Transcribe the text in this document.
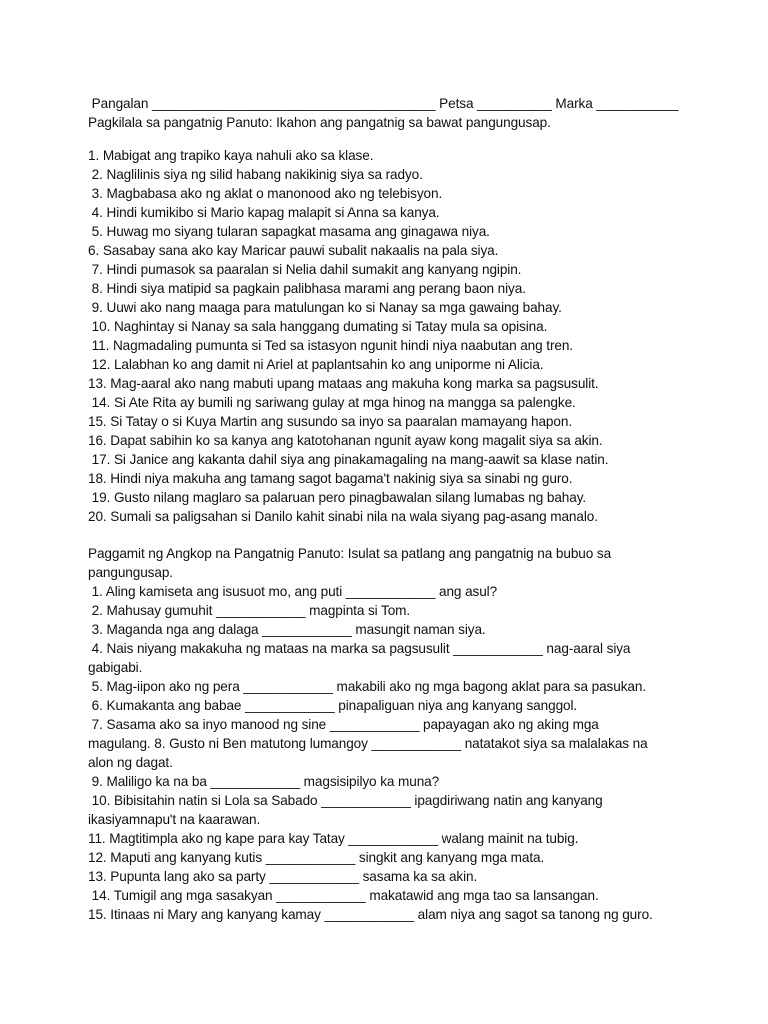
Pangalan ______________________________________ Petsa __________ Marka ___________
Pagkilala sa pangatnig Panuto: Ikahon ang pangatnig sa bawat pangungusap.
1. Mabigat ang trapiko kaya nahuli ako sa klase.
2. Naglilinis siya ng silid habang nakikinig siya sa radyo.
3. Magbabasa ako ng aklat o manonood ako ng telebisyon.
4. Hindi kumikibo si Mario kapag malapit si Anna sa kanya.
5. Huwag mo siyang tularan sapagkat masama ang ginagawa niya.
6. Sasabay sana ako kay Maricar pauwi subalit nakaalis na pala siya.
7. Hindi pumasok sa paaralan si Nelia dahil sumakit ang kanyang ngipin.
8. Hindi siya matipid sa pagkain palibhasa marami ang perang baon niya.
9. Uuwi ako nang maaga para matulungan ko si Nanay sa mga gawaing bahay.
10. Naghintay si Nanay sa sala hanggang dumating si Tatay mula sa opisina.
11. Nagmadaling pumunta si Ted sa istasyon ngunit hindi niya naabutan ang tren.
12. Lalabhan ko ang damit ni Ariel at paplantsahin ko ang uniporme ni Alicia.
13. Mag-aaral ako nang mabuti upang mataas ang makuha kong marka sa pagsusulit.
14. Si Ate Rita ay bumili ng sariwang gulay at mga hinog na mangga sa palengke.
15. Si Tatay o si Kuya Martin ang susundo sa inyo sa paaralan mamayang hapon.
16. Dapat sabihin ko sa kanya ang katotohanan ngunit ayaw kong magalit siya sa akin.
17. Si Janice ang kakanta dahil siya ang pinakamagaling na mang-aawit sa klase natin.
18. Hindi niya makuha ang tamang sagot bagama't nakinig siya sa sinabi ng guro.
19. Gusto nilang maglaro sa palaruan pero pinagbawalan silang lumabas ng bahay.
20. Sumali sa paligsahan si Danilo kahit sinabi nila na wala siyang pag-asang manalo.
Paggamit ng Angkop na Pangatnig Panuto: Isulat sa patlang ang pangatnig na bubuo sa
pangungusap.
1. Aling kamiseta ang isusuot mo, ang puti ____________ ang asul?
2. Mahusay gumuhit ____________ magpinta si Tom.
3. Maganda nga ang dalaga ____________ masungit naman siya.
4. Nais niyang makakuha ng mataas na marka sa pagsusulit ____________ nag-aaral siya
gabigabi.
5. Mag-iipon ako ng pera ____________ makabili ako ng mga bagong aklat para sa pasukan.
6. Kumakanta ang babae ____________ pinapaliguan niya ang kanyang sanggol.
7. Sasama ako sa inyo manood ng sine ____________ papayagan ako ng aking mga
magulang. 8. Gusto ni Ben matutong lumangoy ____________ natatakot siya sa malalakas na
alon ng dagat.
9. Maliligo ka na ba ____________ magsisipilyo ka muna?
10. Bibisitahin natin si Lola sa Sabado ____________ ipagdiriwang natin ang kanyang
ikasiyamnapu't na kaarawan.
11. Magtitimpla ako ng kape para kay Tatay ____________ walang mainit na tubig.
12. Maputi ang kanyang kutis ____________ singkit ang kanyang mga mata.
13. Pupunta lang ako sa party ____________ sasama ka sa akin.
14. Tumigil ang mga sasakyan ____________ makatawid ang mga tao sa lansangan.
15. Itinaas ni Mary ang kanyang kamay ____________ alam niya ang sagot sa tanong ng guro.
